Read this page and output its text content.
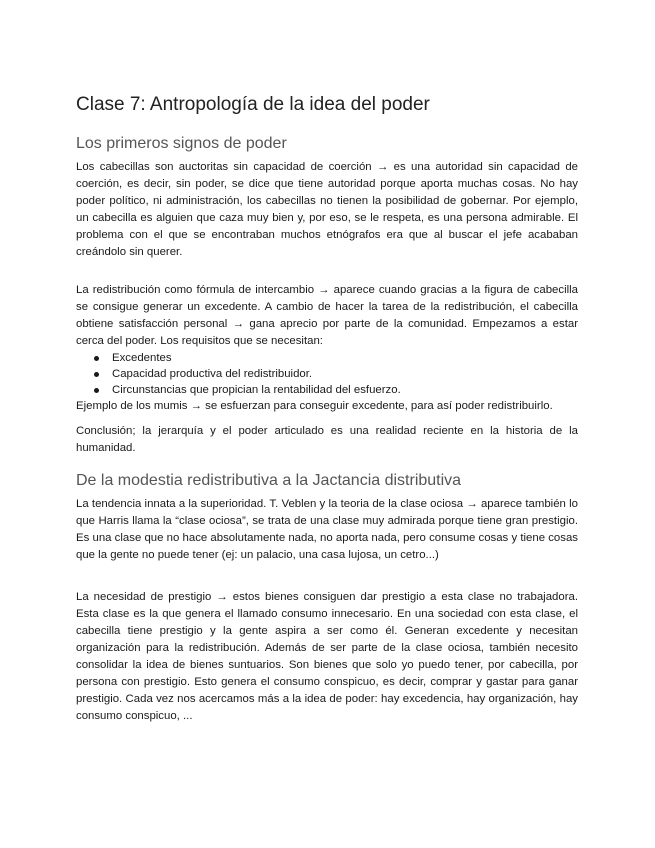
Clase 7: Antropología de la idea del poder
Los primeros signos de poder

Los cabecillas son auctoritas sin capacidad de coerción → es una autoridad sin capacidad de coerción, es decir, sin poder, se dice que tiene autoridad porque aporta muchas cosas. No hay poder político, ni administración, los cabecillas no tienen la posibilidad de gobernar. Por ejemplo, un cabecilla es alguien que caza muy bien y, por eso, se le respeta, es una persona admirable. El problema con el que se encontraban muchos etnógrafos era que al buscar el jefe acababan creándolo sin querer.

La redistribución como fórmula de intercambio → aparece cuando gracias a la figura de cabecilla se consigue generar un excedente. A cambio de hacer la tarea de la redistribución, el cabecilla obtiene satisfacción personal → gana aprecio por parte de la comunidad. Empezamos a estar cerca del poder. Los requisitos que se necesitan:

Excedentes
Capacidad productiva del redistribuidor.
Circunstancias que propician la rentabilidad del esfuerzo.

Ejemplo de los mumis → se esfuerzan para conseguir excedente, para así poder redistribuirlo.

Conclusión; la jerarquía y el poder articulado es una realidad reciente en la historia de la humanidad.

De la modestia redistributiva a la Jactancia distributiva

La tendencia innata a la superioridad. T. Veblen y la teoria de la clase ociosa → aparece también lo que Harris llama la “clase ociosa”, se trata de una clase muy admirada porque tiene gran prestigio. Es una clase que no hace absolutamente nada, no aporta nada, pero consume cosas y tiene cosas que la gente no puede tener (ej: un palacio, una casa lujosa, un cetro...)

La necesidad de prestigio → estos bienes consiguen dar prestigio a esta clase no trabajadora. Esta clase es la que genera el llamado consumo innecesario. En una sociedad con esta clase, el cabecilla tiene prestigio y la gente aspira a ser como él. Generan excedente y necesitan organización para la redistribución. Además de ser parte de la clase ociosa, también necesito consolidar la idea de bienes suntuarios. Son bienes que solo yo puedo tener, por cabecilla, por persona con prestigio. Esto genera el consumo conspicuo, es decir, comprar y gastar para ganar prestigio. Cada vez nos acercamos más a la idea de poder: hay excedencia, hay organización, hay consumo conspicuo, ...
